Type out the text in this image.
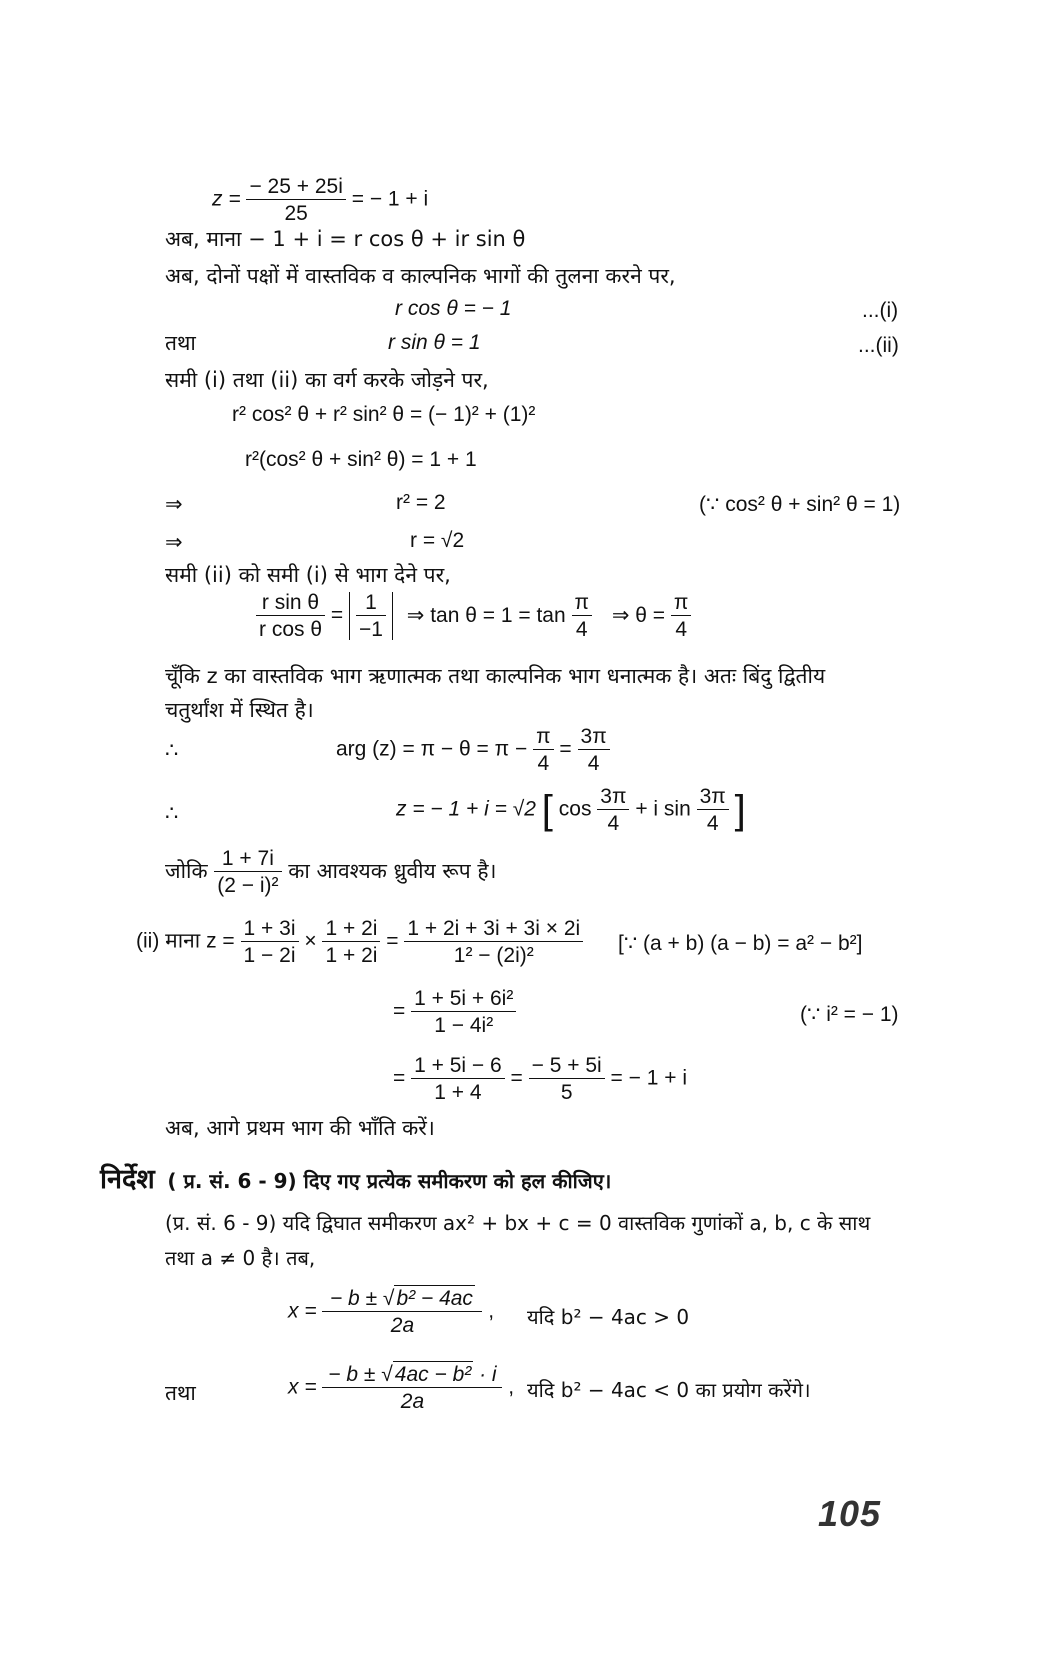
$z = \frac{- 25 + 25i}{25}$ = − 1 + i
अब, माना − 1 + i = r cos θ + ir sin θ
अब, दोनों पक्षों में वास्तविक व काल्पनिक भागों की तुलना करने पर,
r cos θ = − 1	...(i)
तथा	r sin θ = 1	...(ii)
समी (i) तथा (ii) का वर्ग करके जोड़ने पर,
r² cos² θ + r² sin² θ = (− 1)² + (1)²
r²(cos² θ + sin² θ) = 1 + 1
⇒	r² = 2	(∵ cos² θ + sin² θ = 1)
⇒	r = √2
समी (ii) को समी (i) से भाग देने पर,
$\frac{\text{r sin θ}}{\text{r cos θ}} = \frac{1}{-1}$ ⇒ $\tan \theta = 1 = \tan \frac{\pi}{4}$ ⇒ $\theta = \frac{\pi}{4}$
चूँकि z का वास्तविक भाग ऋणात्मक तथा काल्पनिक भाग धनात्मक है। अतः बिंदु द्वितीय
चतुर्थांश में स्थित है।
∴	arg $(z) = \pi - \theta = \pi - \frac{\pi}{4} = \frac{3\pi}{4}$
∴	z = − 1 + i = √2 [ $\cos \frac{3\pi}{4} + i$ $\sin \frac{3\pi}{4}$ ]
जोकि $\frac{1 + 7i}{\text{(2 − i)²}}$ का आवश्यक ध्रुवीय रूप है।
(ii) माना $z = \frac{1 + 3i}{1 - 2i} \times \frac{1 + 2i}{1 + 2i} = \frac{1 + 2i + 3i + 3i \times 2i}{\text{1² − (2i)²}}$ [∵ (a + b) (a − b) = a² − b²]
= $\frac{\text{1 + 5i + 6i²}}{\text{1 − 4i²}}$	(∵ i² = − 1)
= $\frac{1 + 5i - 6}{1 + 4} = \frac{- 5 + 5i}{5}$ = − 1 + i
अब, आगे प्रथम भाग की भाँति करें।
निर्देश ( प्र. सं. 6 - 9) दिए गए प्रत्येक समीकरण को हल कीजिए।
(प्र. सं. 6 - 9) यदि द्विघात समीकरण ax² + bx + c = 0 वास्तविक गुणांकों a, b, c के साथ
तथा a ≠ 0 है। तब,
$x = \frac{\text{− b ± √b² − 4ac}}{2a}$ , यदि b² − 4ac > 0
तथा	$x = \frac{\text{− b ± √4ac − b² · i}}{2a}$ , यदि b² − 4ac < 0 का प्रयोग करेंगे।
105
